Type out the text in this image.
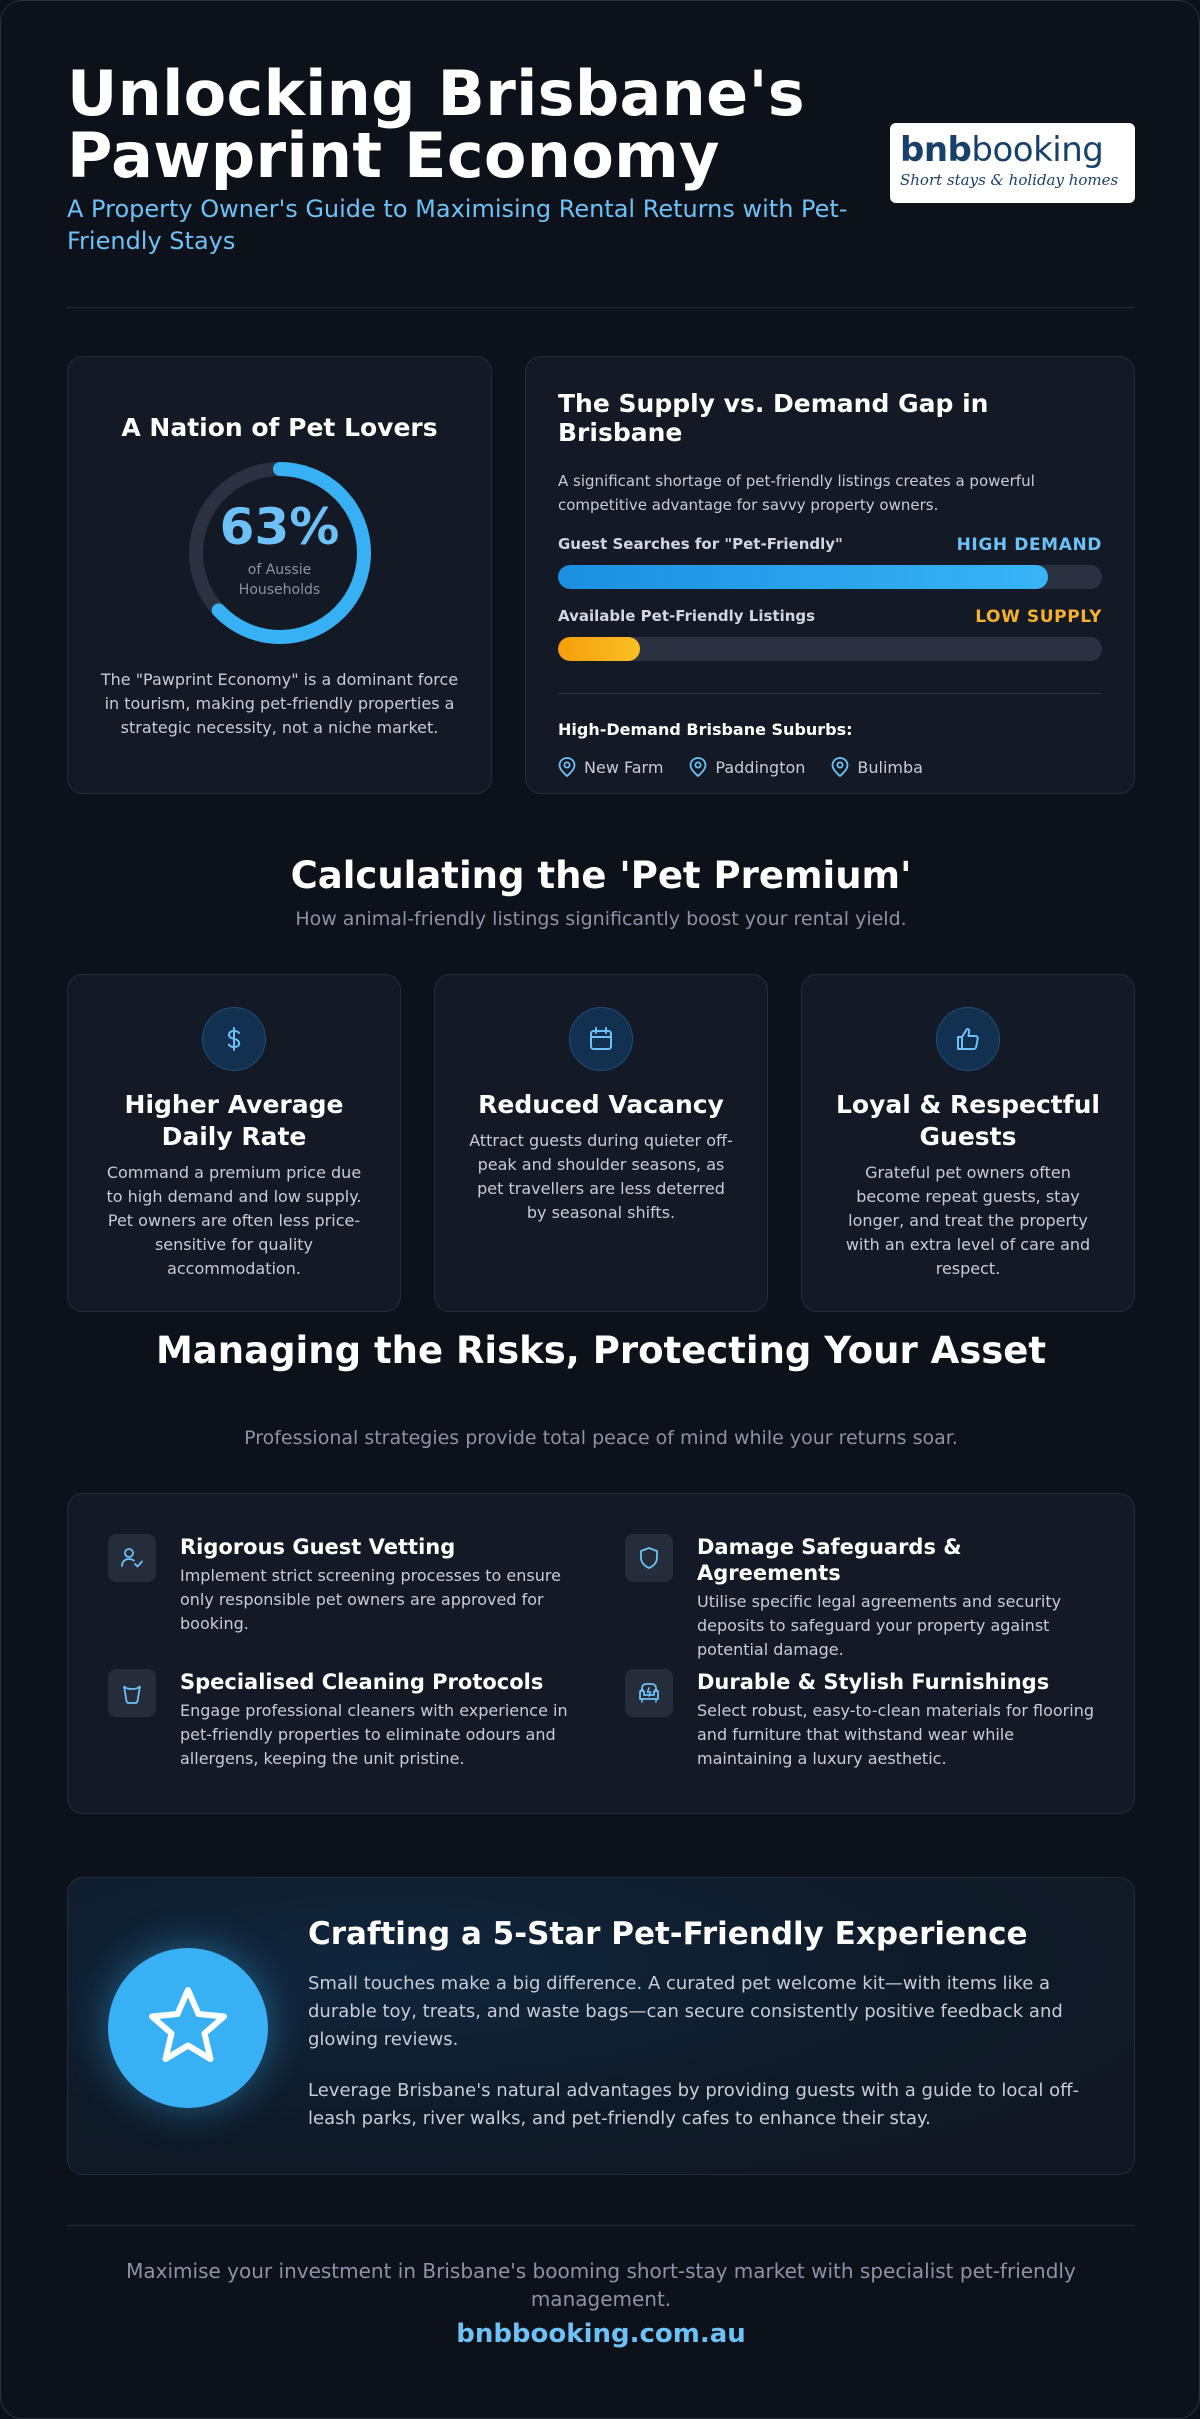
Unlocking Brisbane's Pawprint Economy
A Property Owner's Guide to Maximising Rental Returns with Pet-Friendly Stays
bnbbooking
Short stays & holiday homes
A Nation of Pet Lovers
63%
of Aussie Households

The "Pawprint Economy" is a dominant force in tourism, making pet-friendly properties a strategic necessity, not a niche market.

The Supply vs. Demand Gap in Brisbane
A significant shortage of pet-friendly listings creates a powerful competitive advantage for savvy property owners.
Guest Searches for "Pet-Friendly"	HIGH DEMAND
Available Pet-Friendly Listings	LOW SUPPLY
High-Demand Brisbane Suburbs:
New Farm	Paddington	Bulimba
Calculating the 'Pet Premium'
How animal-friendly listings significantly boost your rental yield.
Higher Average Daily Rate

Command a premium price due to high demand and low supply. Pet owners are often less price-sensitive for quality accommodation.

Reduced Vacancy

Attract guests during quieter off-peak and shoulder seasons, as pet travellers are less deterred by seasonal shifts.

Loyal & Respectful Guests

Grateful pet owners often become repeat guests, stay longer, and treat the property with an extra level of care and respect.

Managing the Risks, Protecting Your Asset
Professional strategies provide total peace of mind while your returns soar.
Rigorous Guest Vetting

Implement strict screening processes to ensure only responsible pet owners are approved for booking.

Damage Safeguards & Agreements

Utilise specific legal agreements and security deposits to safeguard your property against potential damage.

Specialised Cleaning Protocols

Engage professional cleaners with experience in pet-friendly properties to eliminate odours and allergens, keeping the unit pristine.

Durable & Stylish Furnishings

Select robust, easy-to-clean materials for flooring and furniture that withstand wear while maintaining a luxury aesthetic.

Crafting a 5-Star Pet-Friendly Experience

Small touches make a big difference. A curated pet welcome kit—with items like a durable toy, treats, and waste bags—can secure consistently positive feedback and glowing reviews.

Leverage Brisbane's natural advantages by providing guests with a guide to local off-leash parks, river walks, and pet-friendly cafes to enhance their stay.

Maximise your investment in Brisbane's booming short-stay market with specialist pet-friendly management.
bnbbooking.com.au
